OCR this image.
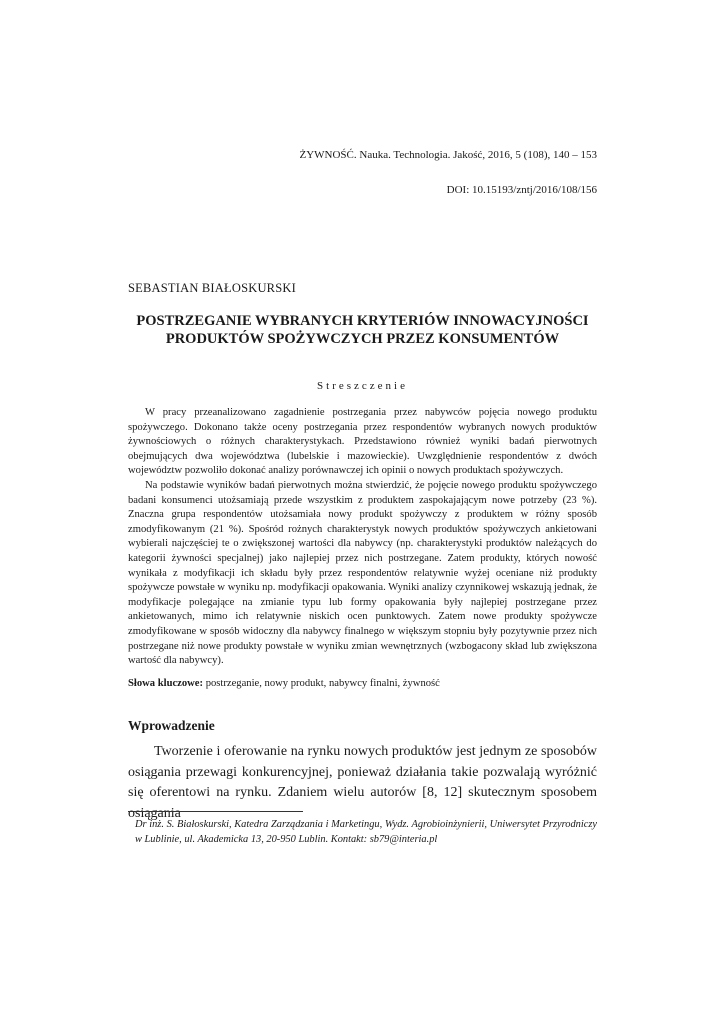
ŻYWNOŚĆ. Nauka. Technologia. Jakość, 2016, 5 (108), 140 – 153
DOI: 10.15193/zntj/2016/108/156
SEBASTIAN BIAŁOSKURSKI
POSTRZEGANIE WYBRANYCH KRYTERIÓW INNOWACYJNOŚCI
PRODUKTÓW SPOŻYWCZYCH PRZEZ KONSUMENTÓW
Streszczenie

W pracy przeanalizowano zagadnienie postrzegania przez nabywców pojęcia nowego produktu spożywczego. Dokonano także oceny postrzegania przez respondentów wybranych nowych produktów żywnościowych o różnych charakterystykach. Przedstawiono również wyniki badań pierwotnych obejmujących dwa województwa (lubelskie i mazowieckie). Uwzględnienie respondentów z dwóch województw pozwoliło dokonać analizy porównawczej ich opinii o nowych produktach spożywczych.

Na podstawie wyników badań pierwotnych można stwierdzić, że pojęcie nowego produktu spożywczego badani konsumenci utożsamiają przede wszystkim z produktem zaspokajającym nowe potrzeby (23 %). Znaczna grupa respondentów utożsamiała nowy produkt spożywczy z produktem w różny sposób zmodyfikowanym (21 %). Spośród rożnych charakterystyk nowych produktów spożywczych ankietowani wybierali najczęściej te o zwiększonej wartości dla nabywcy (np. charakterystyki produktów należących do kategorii żywności specjalnej) jako najlepiej przez nich postrzegane. Zatem produkty, których nowość wynikała z modyfikacji ich składu były przez respondentów relatywnie wyżej oceniane niż produkty spożywcze powstałe w wyniku np. modyfikacji opakowania. Wyniki analizy czynnikowej wskazują jednak, że modyfikacje polegające na zmianie typu lub formy opakowania były najlepiej postrzegane przez ankietowanych, mimo ich relatywnie niskich ocen punktowych. Zatem nowe produkty spożywcze zmodyfikowane w sposób widoczny dla nabywcy finalnego w większym stopniu były pozytywnie przez nich postrzegane niż nowe produkty powstałe w wyniku zmian wewnętrznych (wzbogacony skład lub zwiększona wartość dla nabywcy).

Słowa kluczowe: postrzeganie, nowy produkt, nabywcy finalni, żywność
Wprowadzenie

Tworzenie i oferowanie na rynku nowych produktów jest jednym ze sposobów osiągania przewagi konkurencyjnej, ponieważ działania takie pozwalają wyróżnić się oferentowi na rynku. Zdaniem wielu autorów [8, 12] skutecznym sposobem osiągania

Dr inż. S. Białoskurski, Katedra Zarządzania i Marketingu, Wydz. Agrobioinżynierii, Uniwersytet Przyrodniczy w Lublinie, ul. Akademicka 13, 20-950 Lublin. Kontakt: sb79@interia.pl
